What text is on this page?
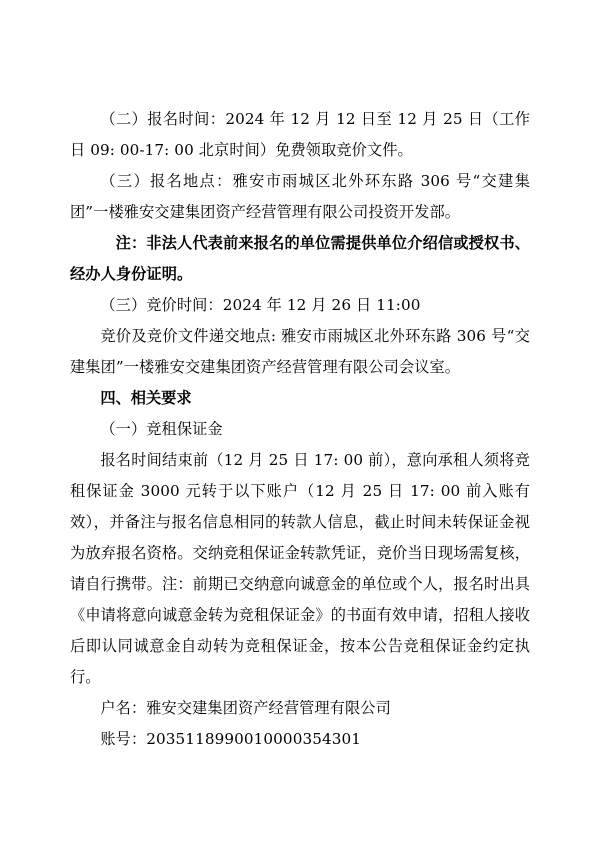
（二）报名时间：2024 年 12 月 12 日至 12 月 25 日（工作日 09: 00-17: 00 北京时间）免费领取竞价文件。

（三）报名地点：雅安市雨城区北外环东路 306 号“交建集团”一楼雅安交建集团资产经营管理有限公司投资开发部。

注：非法人代表前来报名的单位需提供单位介绍信或授权书、经办人身份证明。

（三）竞价时间：2024 年 12 月 26 日 11:00

竞价及竞价文件递交地点: 雅安市雨城区北外环东路 306 号“交建集团”一楼雅安交建集团资产经营管理有限公司会议室。

四、相关要求

（一）竞租保证金

报名时间结束前（12 月 25 日 17: 00 前），意向承租人须将竞租保证金 3000 元转于以下账户（12 月 25 日 17: 00 前入账有效），并备注与报名信息相同的转款人信息，截止时间未转保证金视为放弃报名资格。交纳竞租保证金转款凭证，竞价当日现场需复核，请自行携带。注：前期已交纳意向诚意金的单位或个人，报名时出具《申请将意向诚意金转为竞租保证金》的书面有效申请，招租人接收后即认同诚意金自动转为竞租保证金，按本公告竞租保证金约定执行。

户名：雅安交建集团资产经营管理有限公司

账号：2035118990010000354301
